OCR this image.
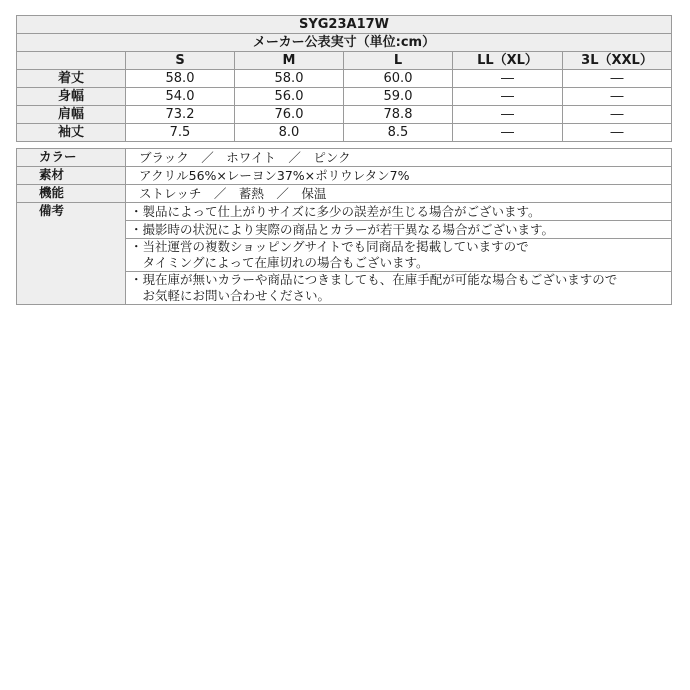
SYG23A17W					
メーカー公表実寸（単位:cm）					
	S	M	L	LL（XL）	3L（XXL）
着丈	58.0	58.0	60.0	―	―
身幅	54.0	56.0	59.0	―	―
肩幅	73.2	76.0	78.8	―	―
袖丈	7.5	8.0	8.5	―	―
カラー	ブラック　／　ホワイト　／　ピンク
素材	アクリル56%×レーヨン37%×ポリウレタン7%
機能	ストレッチ　／　蓄熱　／　保温
備考	・製品によって仕上がりサイズに多少の誤差が生じる場合がございます。

	・撮影時の状況により実際の商品とカラーが若干異なる場合がございます。

	・当社運営の複数ショッピングサイトでも同商品を掲載していますので
　タイミングによって在庫切れの場合もございます。

	・現在庫が無いカラーや商品につきましても、在庫手配が可能な場合もございますので
　お気軽にお問い合わせください。
